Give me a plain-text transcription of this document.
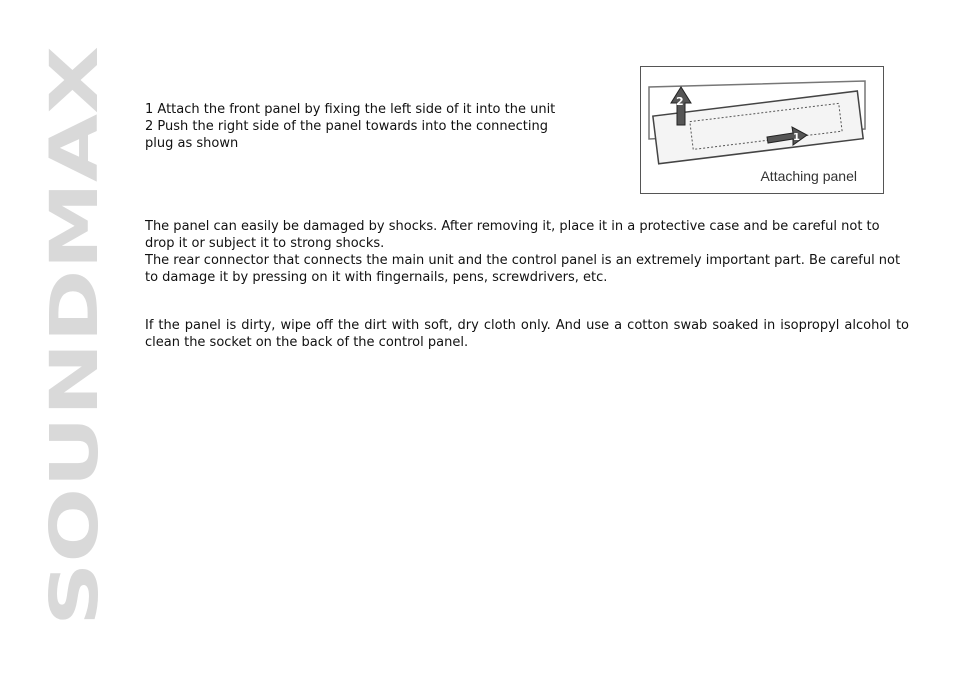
SOUNDMAX
1 Attach the front panel by fixing the left side of it into the unit
2 Push the right side of the panel towards into the connecting
plug as shown
2
1
Attaching panel

The panel can easily be damaged by shocks. After removing it, place it in a protective case and be careful not to drop it or subject it to strong shocks.

The rear connector that connects the main unit and the control panel is an extremely important part. Be careful not to damage it by pressing on it with fingernails, pens, screwdrivers, etc.

If the panel is dirty, wipe off the dirt with soft, dry cloth only. And use a cotton swab soaked in isopropyl alcohol to clean the socket on the back of the control panel.
